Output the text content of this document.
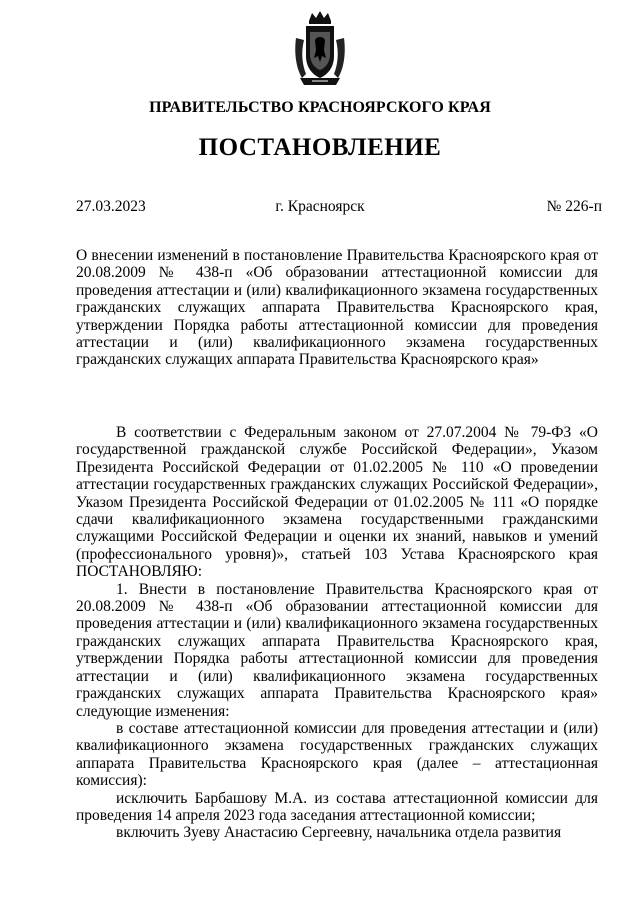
ПРАВИТЕЛЬСТВО КРАСНОЯРСКОГО КРАЯ
ПОСТАНОВЛЕНИЕ
27.03.2023	г. Красноярск	№ 226-п
О внесении изменений в постановление Правительства Красноярского края от 20.08.2009 № 438-п «Об образовании аттестационной комиссии для проведения аттестации и (или) квалификационного экзамена государственных гражданских служащих аппарата Правительства Красноярского края, утверждении Порядка работы аттестационной комиссии для проведения аттестации и (или) квалификационного экзамена государственных гражданских служащих аппарата Правительства Красноярского края»

В соответствии с Федеральным законом от 27.07.2004 № 79-ФЗ «О государственной гражданской службе Российской Федерации», Указом Президента Российской Федерации от 01.02.2005 № 110 «О проведении аттестации государственных гражданских служащих Российской Федерации», Указом Президента Российской Федерации от 01.02.2005 № 111 «О порядке сдачи квалификационного экзамена государственными гражданскими служащими Российской Федерации и оценки их знаний, навыков и умений (профессионального уровня)», статьей 103 Устава Красноярского края ПОСТАНОВЛЯЮ:

1. Внести в постановление Правительства Красноярского края от 20.08.2009 № 438-п «Об образовании аттестационной комиссии для проведения аттестации и (или) квалификационного экзамена государственных гражданских служащих аппарата Правительства Красноярского края, утверждении Порядка работы аттестационной комиссии для проведения аттестации и (или) квалификационного экзамена государственных гражданских служащих аппарата Правительства Красноярского края» следующие изменения:

в составе аттестационной комиссии для проведения аттестации и (или) квалификационного экзамена государственных гражданских служащих аппарата Правительства Красноярского края (далее – аттестационная комиссия):

исключить Барбашову М.А. из состава аттестационной комиссии для проведения 14 апреля 2023 года заседания аттестационной комиссии;

включить Зуеву Анастасию Сергеевну, начальника отдела развития
